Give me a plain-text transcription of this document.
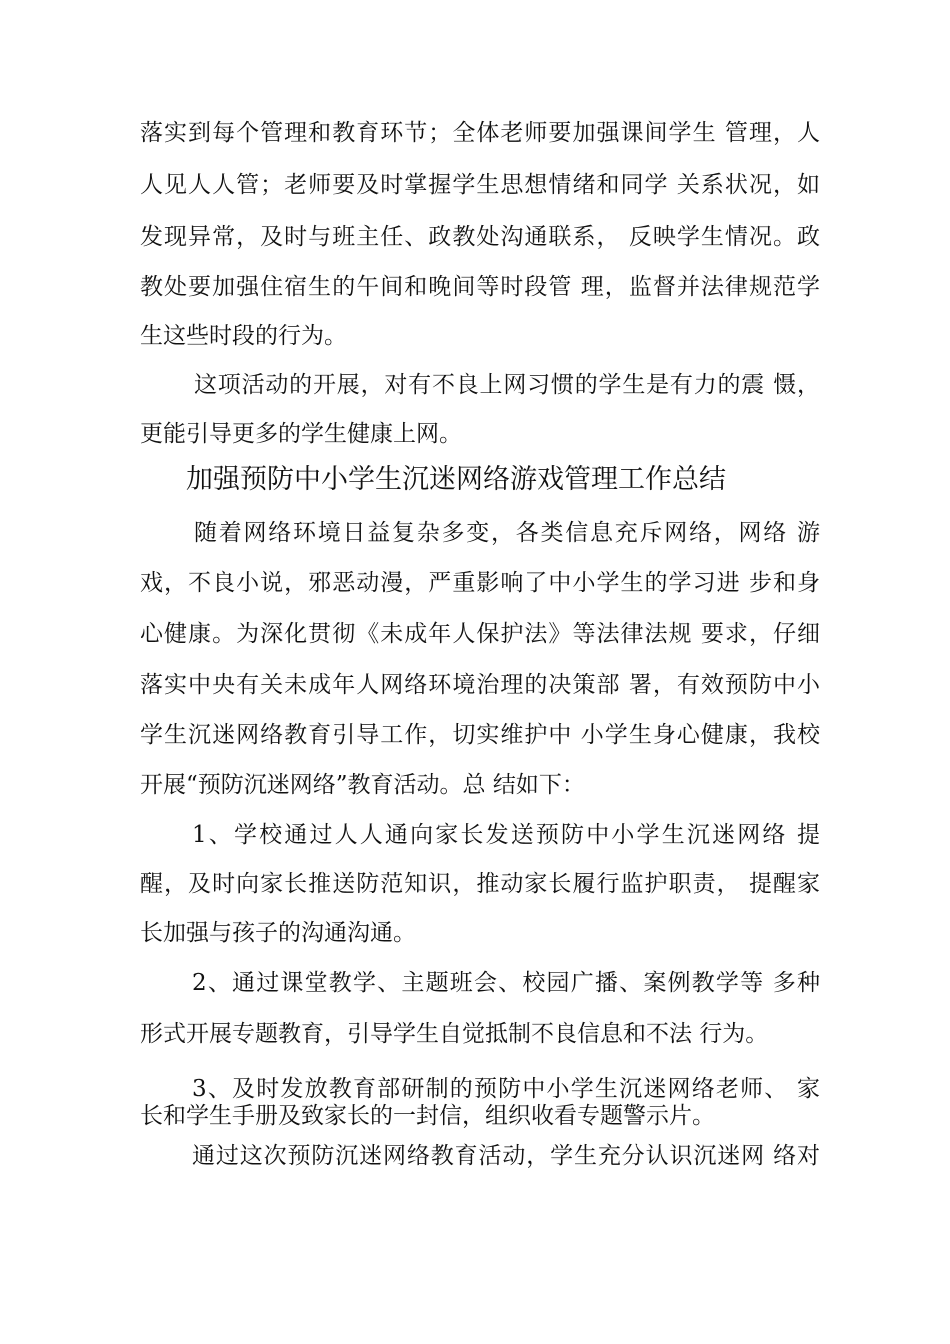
落实到每个管理和教育环节；全体老师要加强课间学生 管理，人
人见人人管；老师要及时掌握学生思想情绪和同学 关系状况，如
发现异常，及时与班主任、政教处沟通联系， 反映学生情况。政
教处要加强住宿生的午间和晚间等时段管 理，监督并法律规范学
生这些时段的行为。
这项活动的开展，对有不良上网习惯的学生是有力的震 慑，
更能引导更多的学生健康上网。
加强预防中小学生沉迷网络游戏管理工作总结
随着网络环境日益复杂多变，各类信息充斥网络，网络 游
戏，不良小说，邪恶动漫，严重影响了中小学生的学习进 步和身
心健康。为深化贯彻《未成年人保护法》等法律法规 要求，仔细
落实中央有关未成年人网络环境治理的决策部 署，有效预防中小
学生沉迷网络教育引导工作，切实维护中 小学生身心健康，我校
开展“预防沉迷网络”教育活动。总 结如下：
1、学校通过人人通向家长发送预防中小学生沉迷网络 提
醒，及时向家长推送防范知识，推动家长履行监护职责， 提醒家
长加强与孩子的沟通沟通。
2、通过课堂教学、主题班会、校园广播、案例教学等 多种
形式开展专题教育，引导学生自觉抵制不良信息和不法 行为。
3、及时发放教育部研制的预防中小学生沉迷网络老师、 家
长和学生手册及致家长的一封信，组织收看专题警示片。
通过这次预防沉迷网络教育活动，学生充分认识沉迷网 络对
